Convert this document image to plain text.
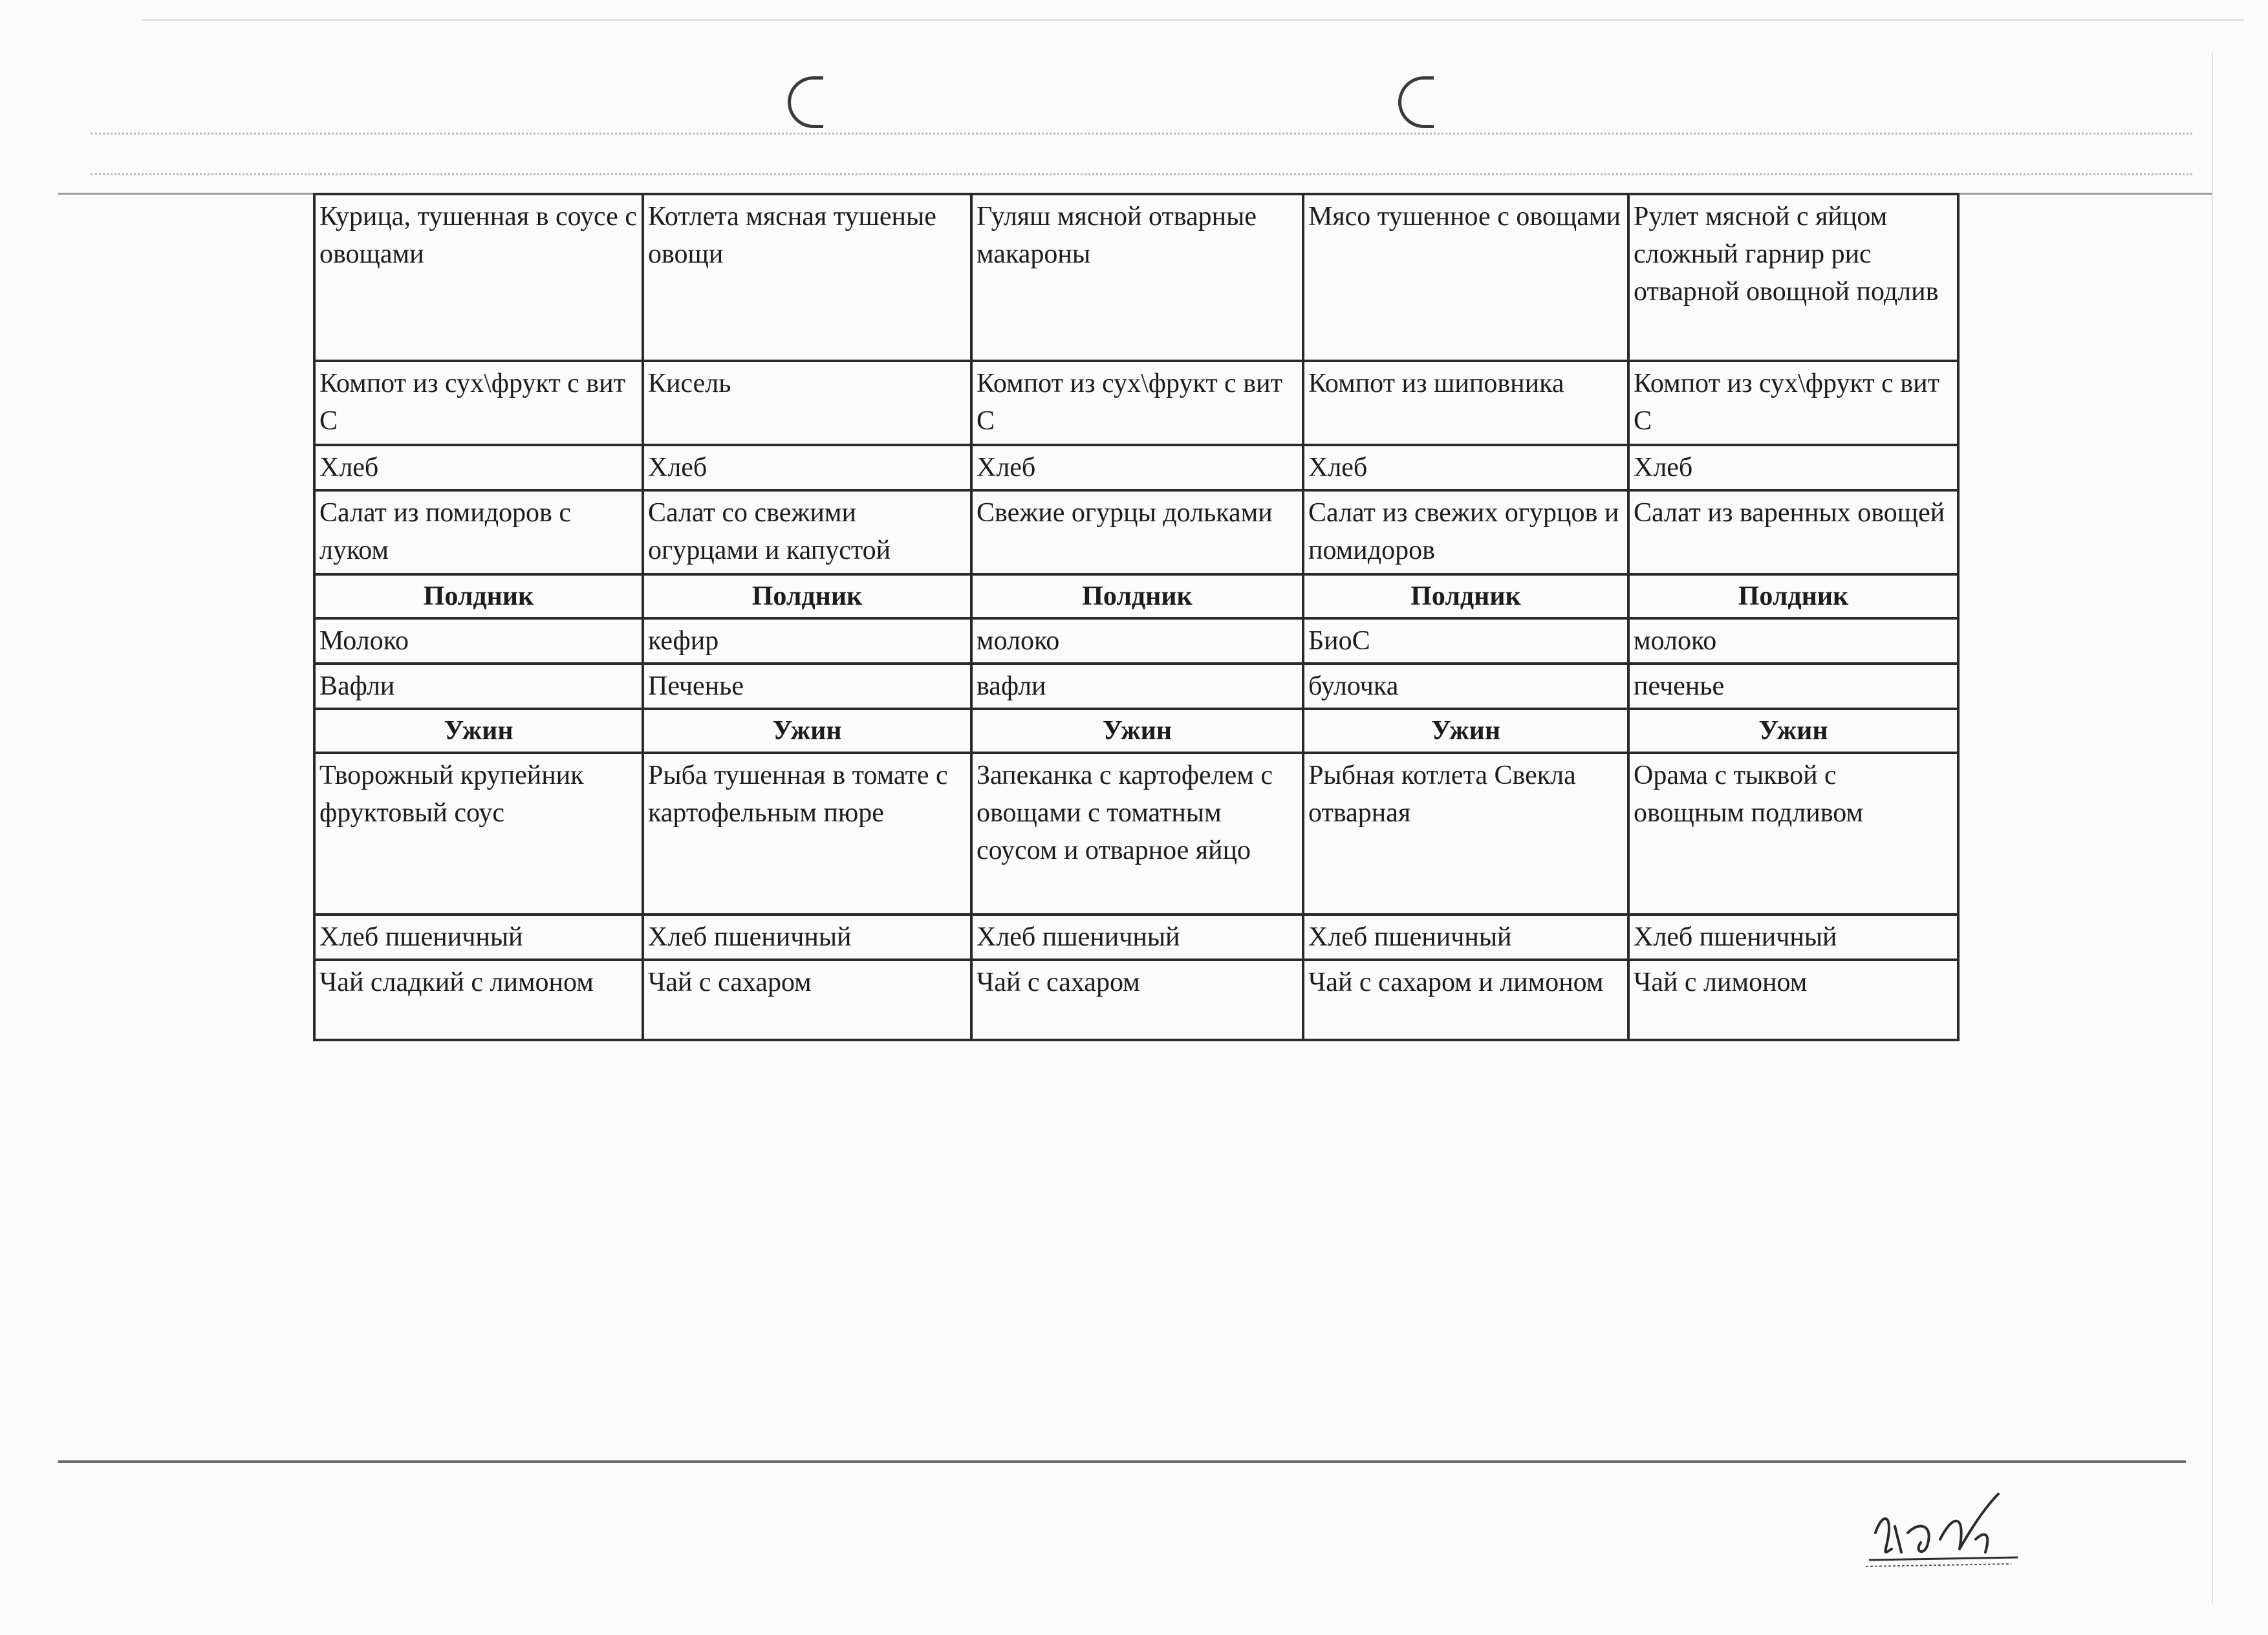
Курица, тушенная в соусе с овощами	Котлета мясная тушеные овощи	Гуляш мясной отварные макароны	Мясо тушенное с овощами	Рулет мясной с яйцом сложный гарнир рис отварной овощной подлив
Компот из сух\фрукт с вит С	Кисель	Компот из сух\фрукт с вит С	Компот из шиповника	Компот из сух\фрукт с вит С
Хлеб	Хлеб	Хлеб	Хлеб	Хлеб
Салат из помидоров с луком	Салат со свежими огурцами и капустой	Свежие огурцы дольками	Салат из свежих огурцов и помидоров	Салат из варенных овощей
Полдник	Полдник	Полдник	Полдник	Полдник
Молоко	кефир	молоко	БиоС	молоко
Вафли	Печенье	вафли	булочка	печенье
Ужин	Ужин	Ужин	Ужин	Ужин
Творожный крупейник фруктовый соус	Рыба тушенная в томате с картофельным пюре	Запеканка с картофелем с овощами с томатным соусом и отварное яйцо	Рыбная котлета Свекла отварная	Орама с тыквой с овощным подливом
Хлеб пшеничный	Хлеб пшеничный	Хлеб пшеничный	Хлеб пшеничный	Хлеб пшеничный
Чай сладкий с лимоном	Чай с сахаром	Чай с сахаром	Чай с сахаром и лимоном	Чай с лимоном
